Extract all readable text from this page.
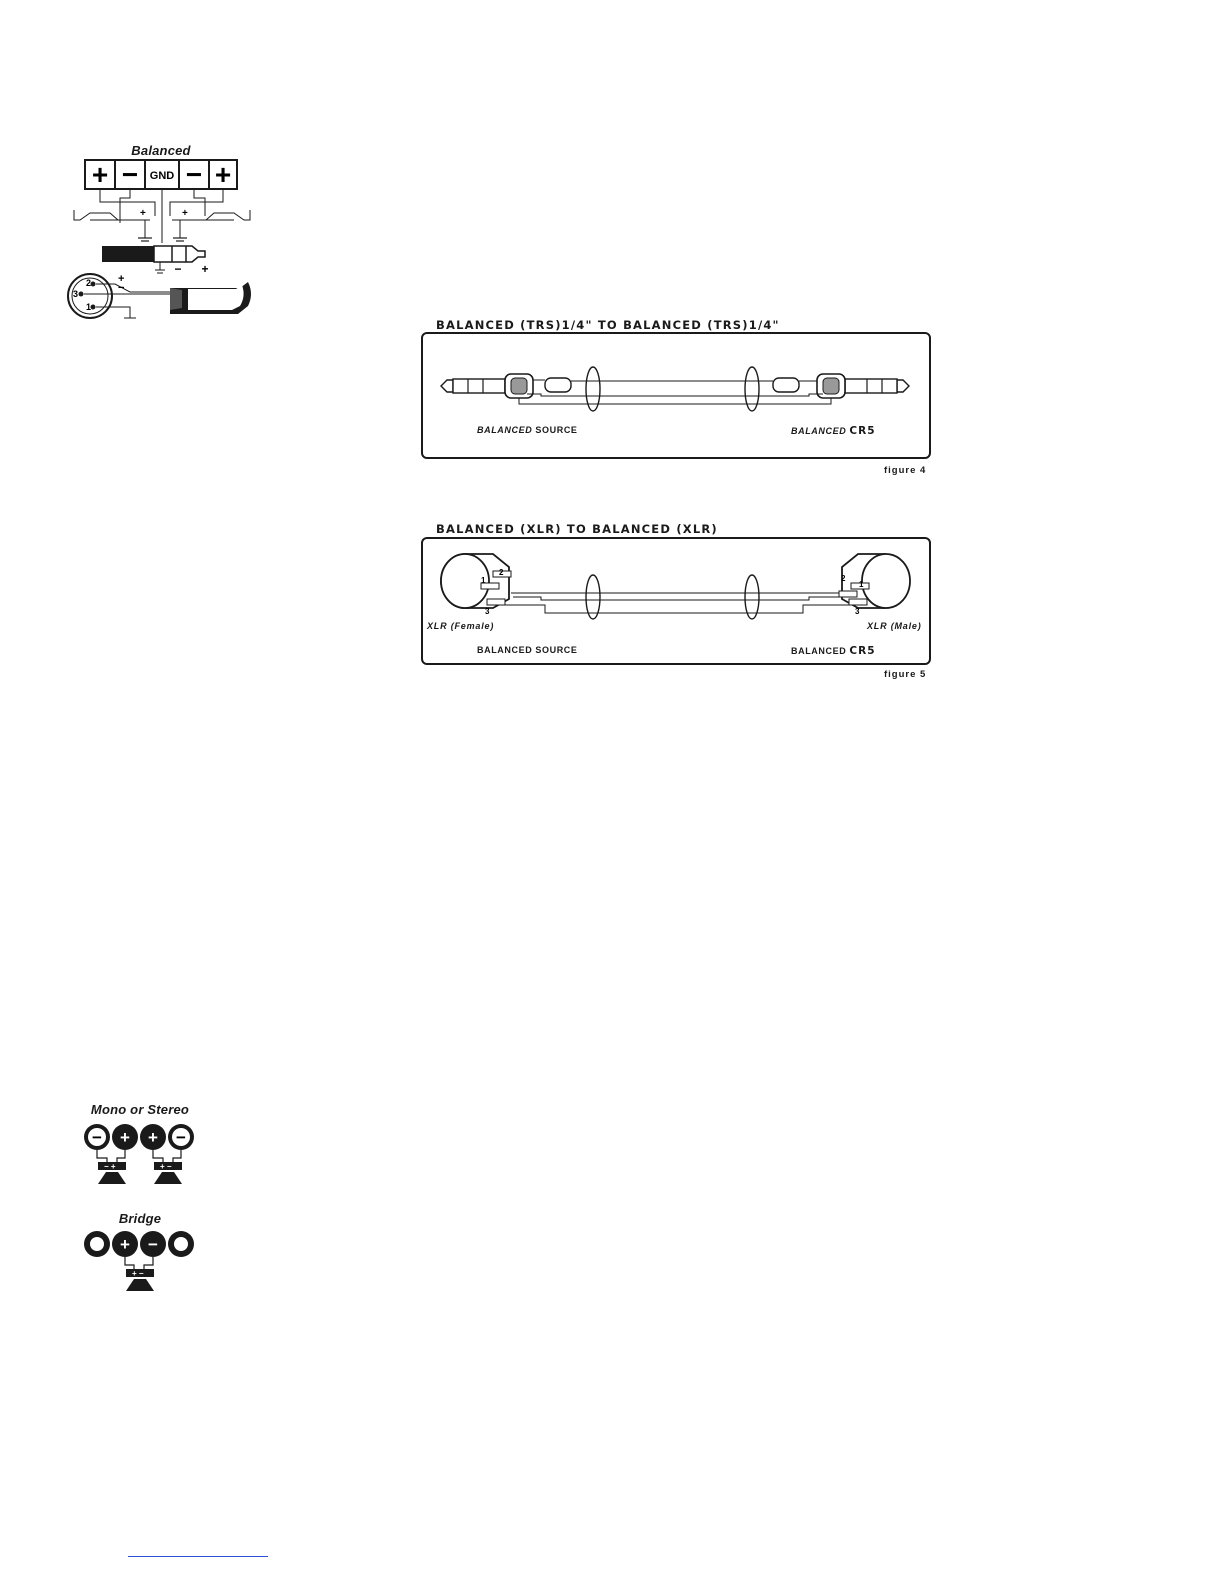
Balanced
+ − GND − +
+	+
− +
2
3
1
+
−
BALANCED (TRS)1/4" TO BALANCED (TRS)1/4"
BALANCED SOURCE	BALANCED CR5
figure 4
BALANCED (XLR) TO BALANCED (XLR)
1
2
3
2
1
3
XLR (Female)	XLR (Male)
BALANCED SOURCE	BALANCED CR5
figure 5
Mono or Stereo
− + + −
− +	+ −
Bridge
+ −
+ −
